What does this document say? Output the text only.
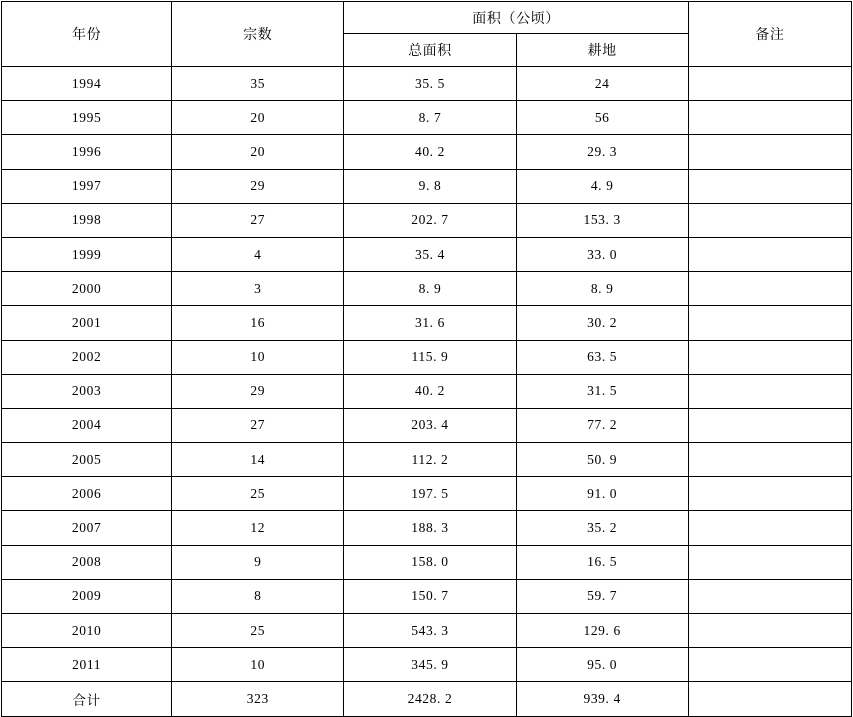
年份	宗数	面积（公顷）		备注
		总面积	耕地	
1994	35	35. 5	24	
1995	20	8. 7	56	
1996	20	40. 2	29. 3	
1997	29	9. 8	4. 9	
1998	27	202. 7	153. 3	
1999	4	35. 4	33. 0	
2000	3	8. 9	8. 9	
2001	16	31. 6	30. 2	
2002	10	115. 9	63. 5	
2003	29	40. 2	31. 5	
2004	27	203. 4	77. 2	
2005	14	112. 2	50. 9	
2006	25	197. 5	91. 0	
2007	12	188. 3	35. 2	
2008	9	158. 0	16. 5	
2009	8	150. 7	59. 7	
2010	25	543. 3	129. 6	
2011	10	345. 9	95. 0	
合计	323	2428. 2	939. 4	
